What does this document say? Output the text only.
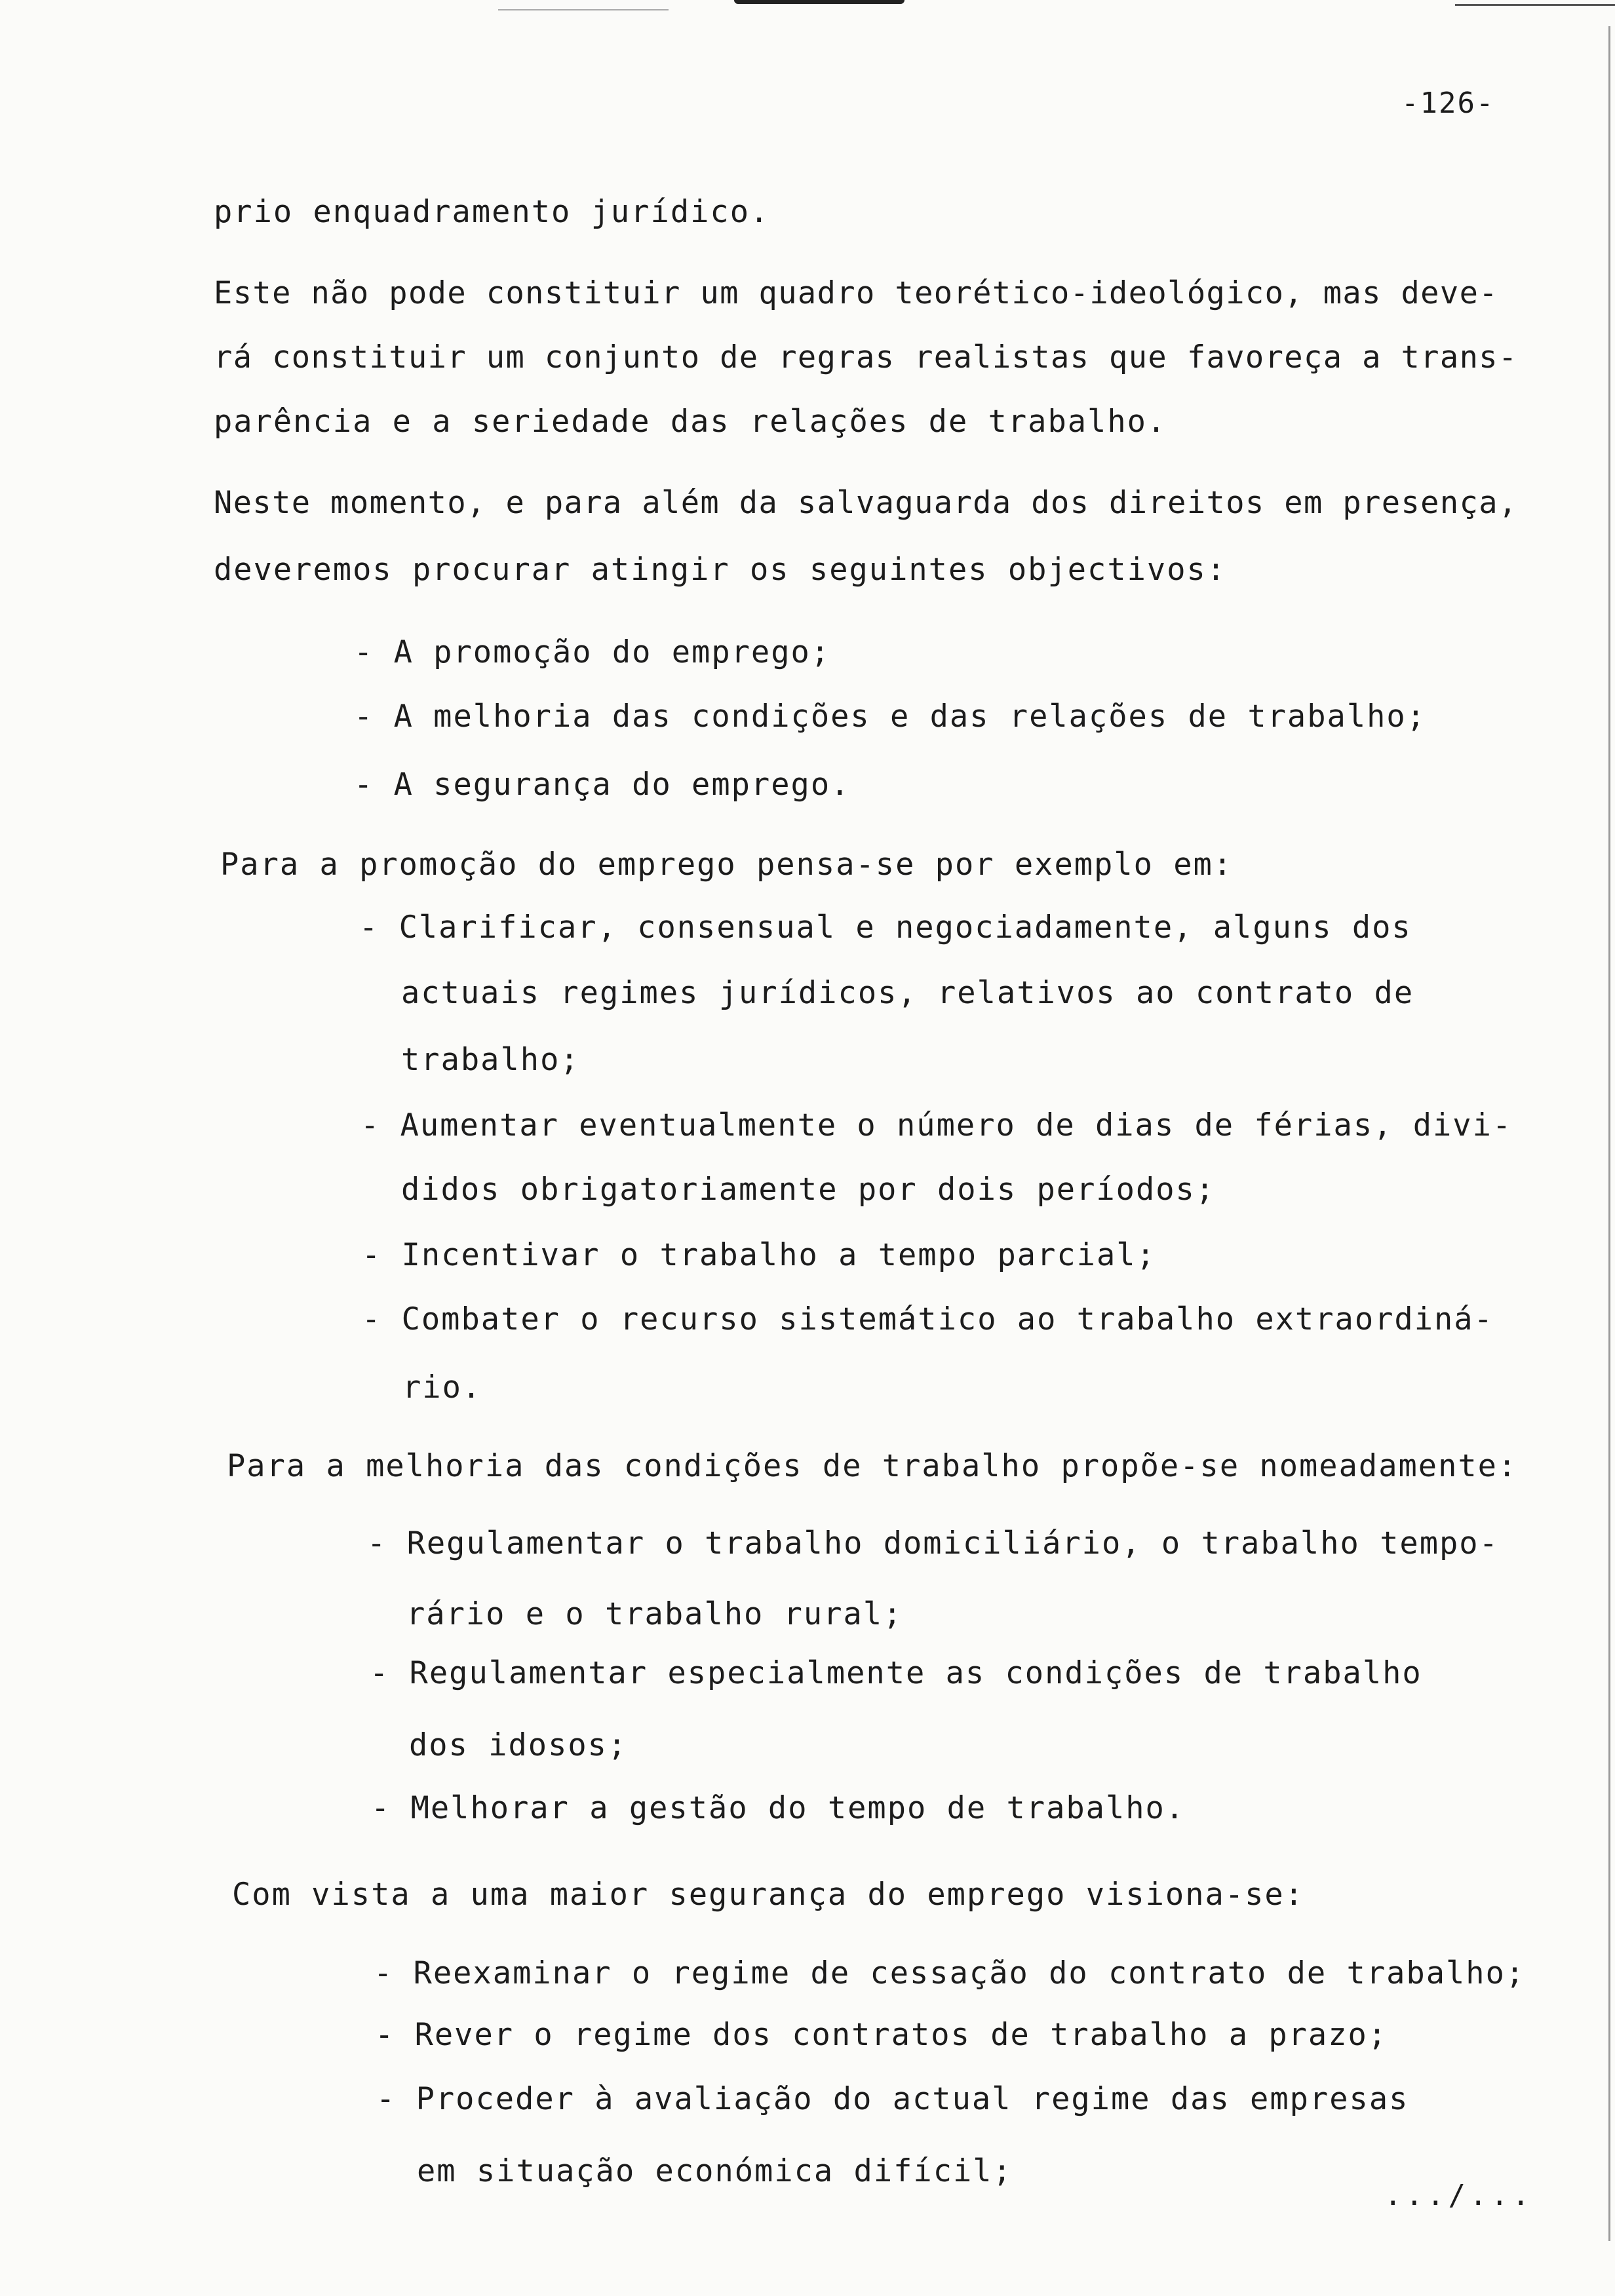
-126-
prio enquadramento jurídico.
Este não pode constituir um quadro teorético-ideológico, mas deve-
rá constituir um conjunto de regras realistas que favoreça a trans-
parência e a seriedade das relações de trabalho.
Neste momento, e para além da salvaguarda dos direitos em presença,
deveremos procurar atingir os seguintes objectivos:
- A promoção do emprego;
- A melhoria das condições e das relações de trabalho;
- A segurança do emprego.
Para a promoção do emprego pensa-se por exemplo em:
- Clarificar, consensual e negociadamente, alguns dos
actuais regimes jurídicos, relativos ao contrato de
trabalho;
- Aumentar eventualmente o número de dias de férias, divi-
didos obrigatoriamente por dois períodos;
- Incentivar o trabalho a tempo parcial;
- Combater o recurso sistemático ao trabalho extraordiná-
rio.
Para a melhoria das condições de trabalho propõe-se nomeadamente:
- Regulamentar o trabalho domiciliário, o trabalho tempo-
rário e o trabalho rural;
- Regulamentar especialmente as condições de trabalho
dos idosos;
- Melhorar a gestão do tempo de trabalho.
Com vista a uma maior segurança do emprego visiona-se:
- Reexaminar o regime de cessação do contrato de trabalho;
- Rever o regime dos contratos de trabalho a prazo;
- Proceder à avaliação do actual regime das empresas
em situação económica difícil;
.../...
